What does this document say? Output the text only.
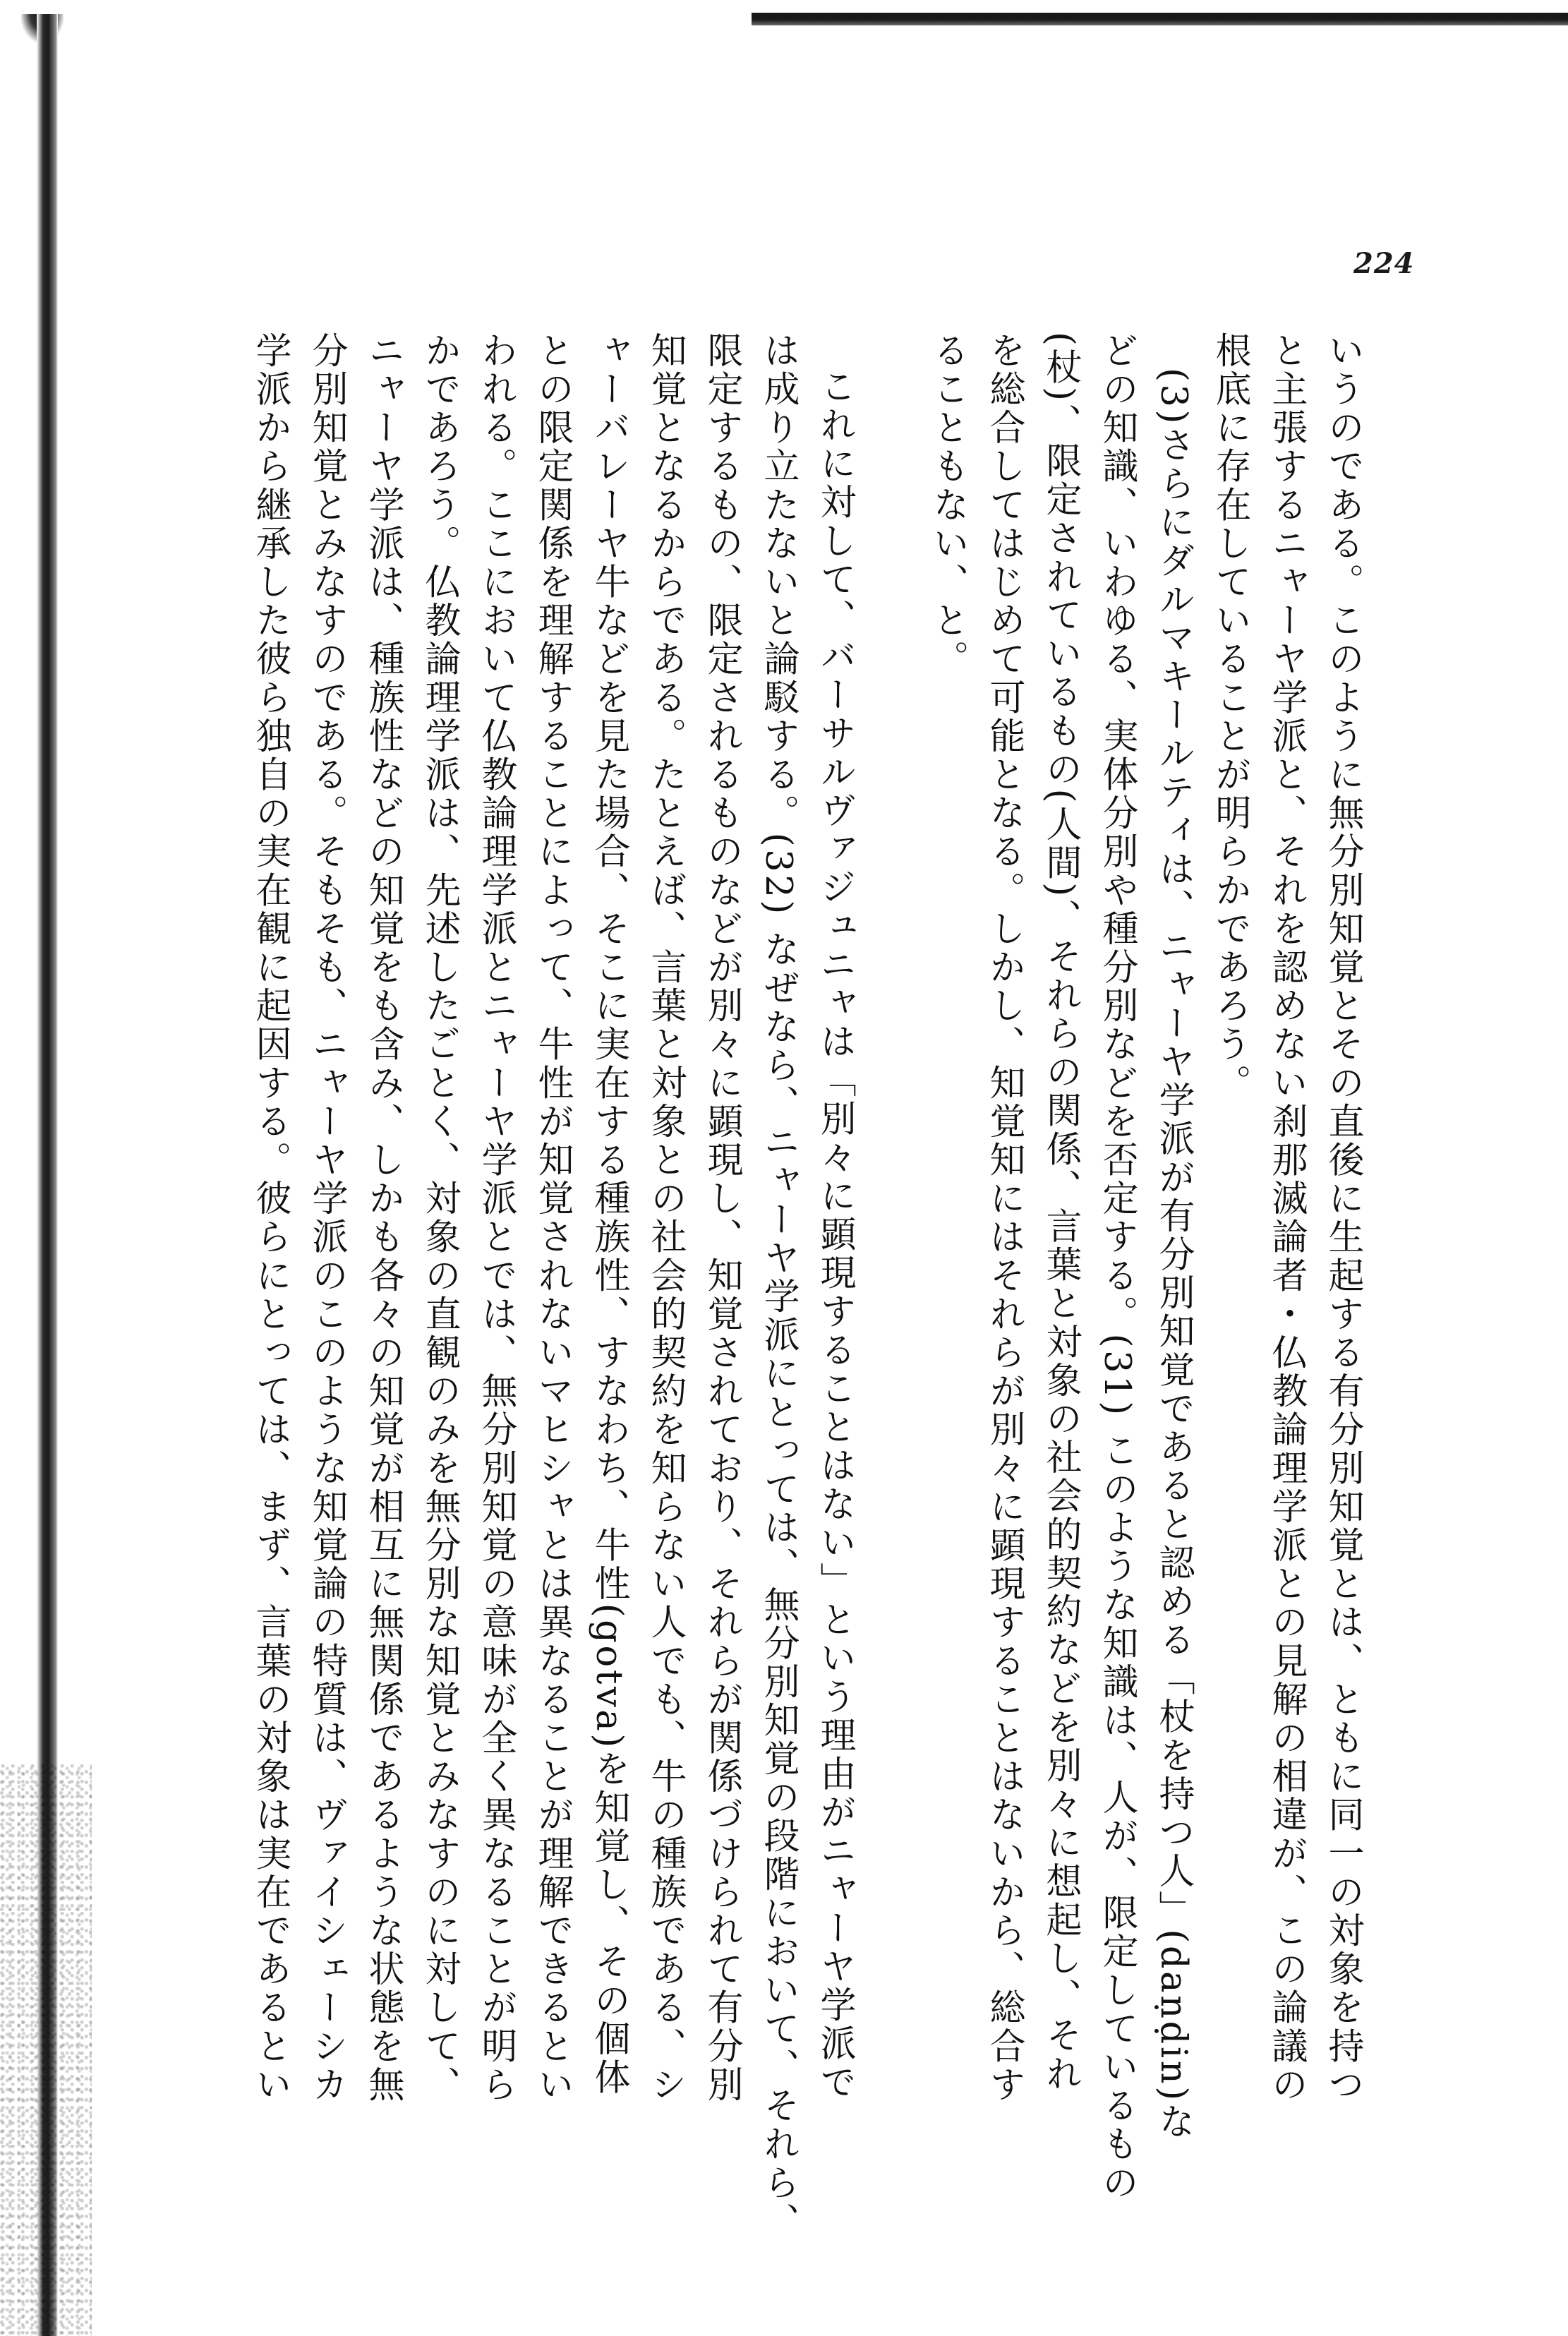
224
いうのである。このように無分別知覚とその直後に生起する有分別知覚とは、ともに同一の対象を持つ
と主張するニャーヤ学派と、それを認めない刹那滅論者・仏教論理学派との見解の相違が、この論議の
根底に存在していることが明らかであろう。
(3)さらにダルマキールティは、ニャーヤ学派が有分別知覚であると認める「杖を持つ人」(daṇḍin)な
どの知識、いわゆる、実体分別や種分別などを否定する。(31) このような知識は、人が、限定しているもの
(杖)、限定されているもの(人間)、それらの関係、言葉と対象の社会的契約などを別々に想起し、それ
を総合してはじめて可能となる。しかし、知覚知にはそれらが別々に顕現することはないから、総合す
ることもない、と。
これに対して、バーサルヴァジュニャは「別々に顕現することはない」という理由がニャーヤ学派で
は成り立たないと論駁する。(32) なぜなら、ニャーヤ学派にとっては、無分別知覚の段階において、それら、
限定するもの、限定されるものなどが別々に顕現し、知覚されており、それらが関係づけられて有分別
知覚となるからである。たとえば、言葉と対象との社会的契約を知らない人でも、牛の種族である、シ
ャーバレーヤ牛などを見た場合、そこに実在する種族性、すなわち、牛性(gotva)を知覚し、その個体
との限定関係を理解することによって、牛性が知覚されないマヒシャとは異なることが理解できるとい
われる。ここにおいて仏教論理学派とニャーヤ学派とでは、無分別知覚の意味が全く異なることが明ら
かであろう。仏教論理学派は、先述したごとく、対象の直観のみを無分別な知覚とみなすのに対して、
ニャーヤ学派は、種族性などの知覚をも含み、しかも各々の知覚が相互に無関係であるような状態を無
分別知覚とみなすのである。そもそも、ニャーヤ学派のこのような知覚論の特質は、ヴァイシェーシカ
学派から継承した彼ら独自の実在観に起因する。彼らにとっては、まず、言葉の対象は実在であるとい
